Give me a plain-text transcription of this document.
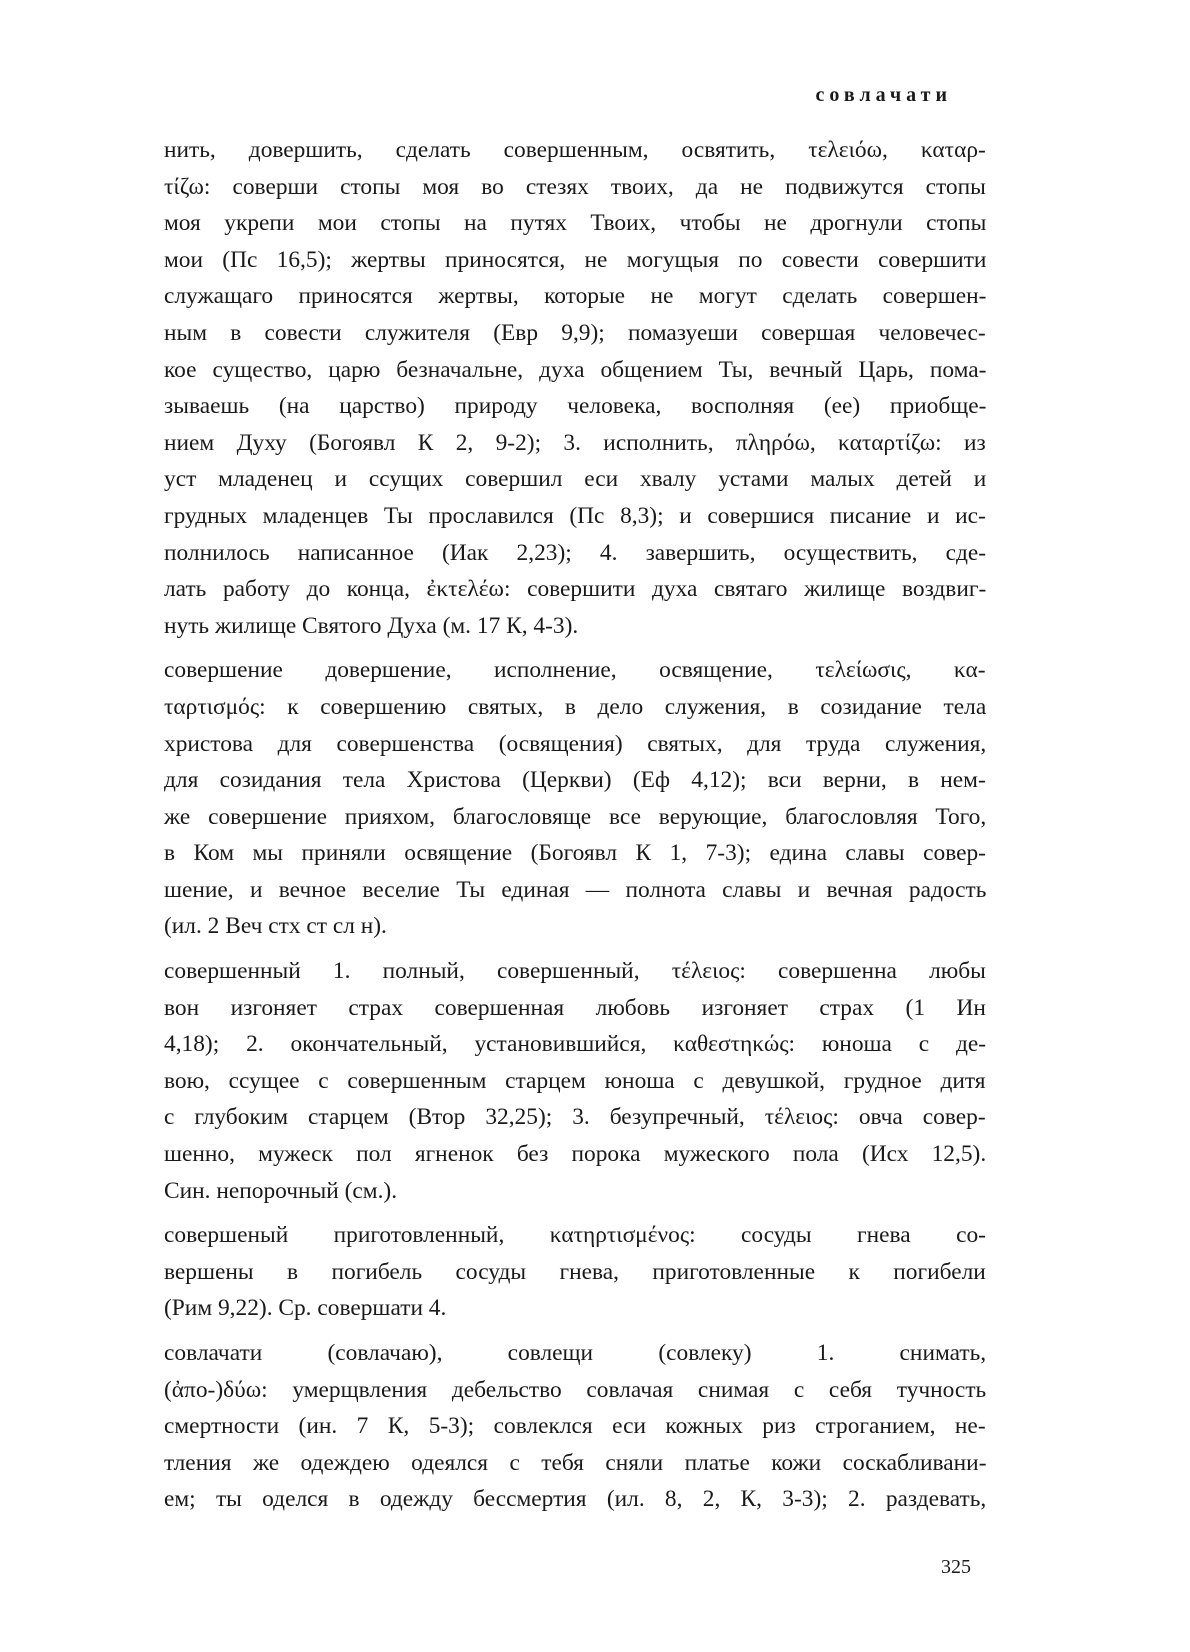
совлачати
нить, довершить, сделать совершенным, освятить, τελειόω, καταρ-
τίζω: соверши стопы моя во стезях твоих, да не подвижутся стопы
моя укрепи мои стопы на путях Твоих, чтобы не дрогнули стопы
мои (Пс 16,5); жертвы приносятся, не могущыя по совести совершити
служащаго приносятся жертвы, которые не могут сделать совершен-
ным в совести служителя (Евр 9,9); помазуеши совершая человечес-
кое существо, царю безначальне, духа общением Ты, вечный Царь, пома-
зываешь (на царство) природу человека, восполняя (ее) приобще-
нием Духу (Богоявл К 2, 9-2); 3. исполнить, πληρόω, καταρτίζω: из
уст младенец и ссущих совершил еси хвалу устами малых детей и
грудных младенцев Ты прославился (Пс 8,3); и совершися писание и ис-
полнилось написанное (Иак 2,23); 4. завершить, осуществить, сде-
лать работу до конца, ἐκτελέω: совершити духа святаго жилище воздвиг-
нуть жилище Святого Духа (м. 17 К, 4-3).
совершение довершение, исполнение, освящение, τελείωσις, κα-
ταρτισμός: к совершению святых, в дело служения, в созидание тела
христова для совершенства (освящения) святых, для труда служения,
для созидания тела Христова (Церкви) (Еф 4,12); вси верни, в нем-
же совершение прияхом, благословяще все верующие, благословляя Того,
в Ком мы приняли освящение (Богоявл К 1, 7-3); едина славы совер-
шение, и вечное веселие Ты единая — полнота славы и вечная радость
(ил. 2 Веч стх ст сл н).
совершенный 1. полный, совершенный, τέλειος: совершенна любы
вон изгоняет страх совершенная любовь изгоняет страх (1 Ин
4,18); 2. окончательный, установившийся, καθεστηκώς: юноша с де-
вою, ссущее с совершенным старцем юноша с девушкой, грудное дитя
с глубоким старцем (Втор 32,25); 3. безупречный, τέλειος: овча совер-
шенно, мужеск пол ягненок без порока мужеского пола (Исх 12,5).
Син. непорочный (см.).
совершеный приготовленный, κατηρτισμένος: сосуды гнева со-
вершены в погибель сосуды гнева, приготовленные к погибели
(Рим 9,22). Ср. совершати 4.
совлачати (совлачаю), совлещи (совлеку) 1. снимать,
(ἀπο-)δύω: умерщвления дебельство совлачая снимая с себя тучность
смертности (ин. 7 К, 5-3); совлеклся еси кожных риз строганием, не-
тления же одеждею одеялся с тебя сняли платье кожи соскабливани-
ем; ты оделся в одежду бессмертия (ил. 8, 2, К, 3-3); 2. раздевать,
325
